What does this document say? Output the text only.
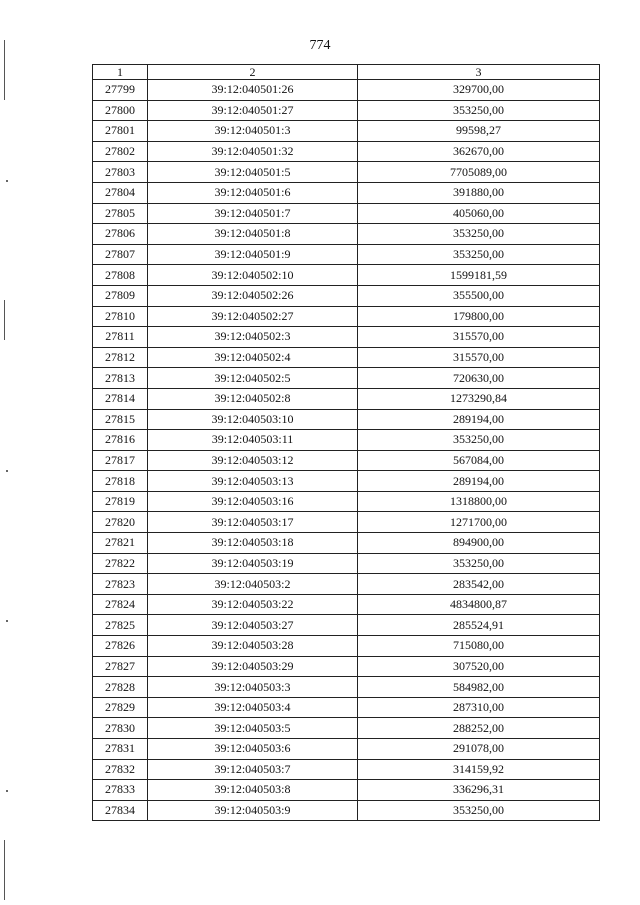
774
1	2	3
27799	39:12:040501:26	329700,00
27800	39:12:040501:27	353250,00
27801	39:12:040501:3	99598,27
27802	39:12:040501:32	362670,00
27803	39:12:040501:5	7705089,00
27804	39:12:040501:6	391880,00
27805	39:12:040501:7	405060,00
27806	39:12:040501:8	353250,00
27807	39:12:040501:9	353250,00
27808	39:12:040502:10	1599181,59
27809	39:12:040502:26	355500,00
27810	39:12:040502:27	179800,00
27811	39:12:040502:3	315570,00
27812	39:12:040502:4	315570,00
27813	39:12:040502:5	720630,00
27814	39:12:040502:8	1273290,84
27815	39:12:040503:10	289194,00
27816	39:12:040503:11	353250,00
27817	39:12:040503:12	567084,00
27818	39:12:040503:13	289194,00
27819	39:12:040503:16	1318800,00
27820	39:12:040503:17	1271700,00
27821	39:12:040503:18	894900,00
27822	39:12:040503:19	353250,00
27823	39:12:040503:2	283542,00
27824	39:12:040503:22	4834800,87
27825	39:12:040503:27	285524,91
27826	39:12:040503:28	715080,00
27827	39:12:040503:29	307520,00
27828	39:12:040503:3	584982,00
27829	39:12:040503:4	287310,00
27830	39:12:040503:5	288252,00
27831	39:12:040503:6	291078,00
27832	39:12:040503:7	314159,92
27833	39:12:040503:8	336296,31
27834	39:12:040503:9	353250,00
